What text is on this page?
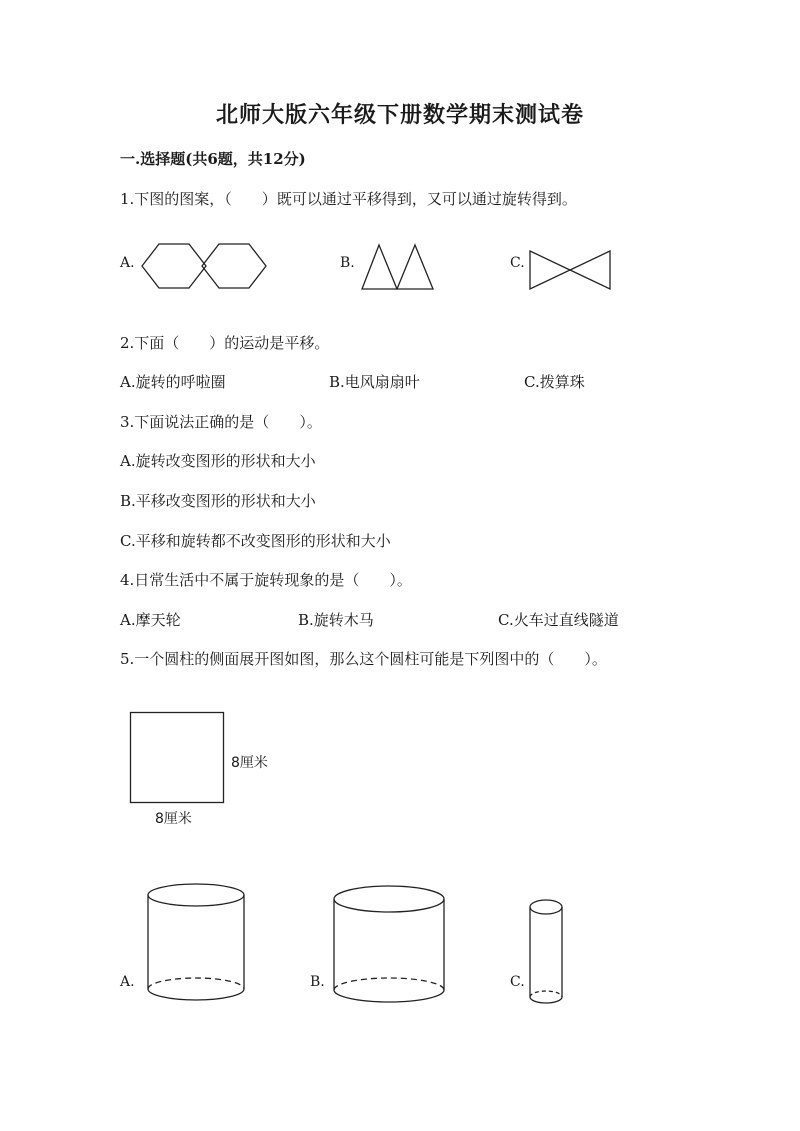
北师大版六年级下册数学期末测试卷
一.选择题(共6题，共12分)
1.下图的图案，（　　）既可以通过平移得到，又可以通过旋转得到。
A.	B.	C.
2.下面（　　）的运动是平移。
A.旋转的呼啦圈	B.电风扇扇叶	C.拨算珠
3.下面说法正确的是（　　）。
A.旋转改变图形的形状和大小
B.平移改变图形的形状和大小
C.平移和旋转都不改变图形的形状和大小
4.日常生活中不属于旋转现象的是（　　）。
A.摩天轮	B.旋转木马	C.火车过直线隧道
5.一个圆柱的侧面展开图如图，那么这个圆柱可能是下列图中的（　　）。
8厘米
8厘米
A.	B.	C.
